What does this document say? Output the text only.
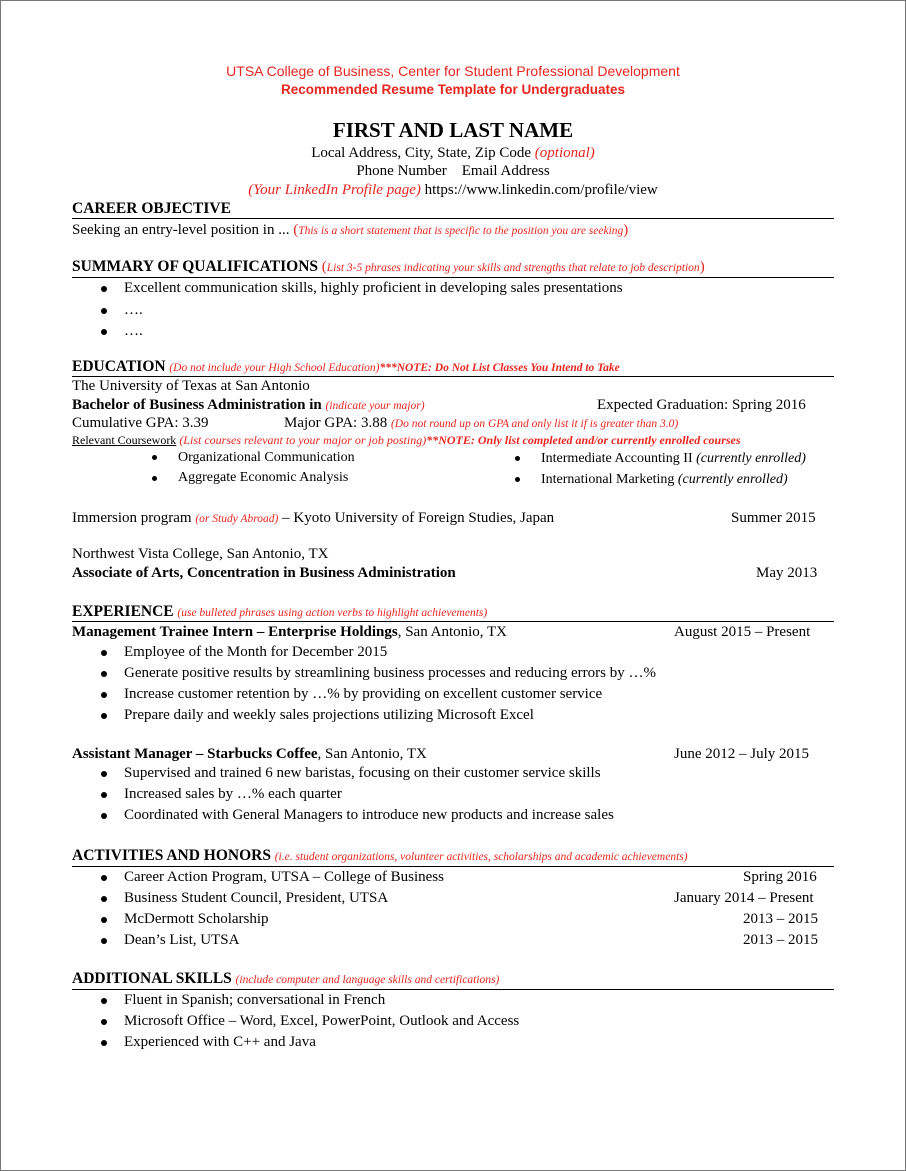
UTSA College of Business, Center for Student Professional Development
Recommended Resume Template for Undergraduates
FIRST AND LAST NAME
Local Address, City, State, Zip Code (optional)
Phone Number    Email Address
(Your LinkedIn Profile page) https://www.linkedin.com/profile/view
CAREER OBJECTIVE
Seeking an entry-level position in ... (This is a short statement that is specific to the position you are seeking)
SUMMARY OF QUALIFICATIONS (List 3-5 phrases indicating your skills and strengths that relate to job description)
Excellent communication skills, highly proficient in developing sales presentations
….
….
EDUCATION (Do not include your High School Education)***NOTE: Do Not List Classes You Intend to Take
The University of Texas at San Antonio
Bachelor of Business Administration in (indicate your major)	Expected Graduation: Spring 2016
Cumulative GPA: 3.39	Major GPA: 3.88 (Do not round up on GPA and only list it if is greater than 3.0)
Relevant Coursework (List courses relevant to your major or job posting)**NOTE: Only list completed and/or currently enrolled courses
Organizational Communication
Aggregate Economic Analysis
Intermediate Accounting II (currently enrolled)
International Marketing (currently enrolled)
Immersion program (or Study Abroad) – Kyoto University of Foreign Studies, Japan	Summer 2015
Northwest Vista College, San Antonio, TX
Associate of Arts, Concentration in Business Administration	May 2013
EXPERIENCE (use bulleted phrases using action verbs to highlight achievements)
Management Trainee Intern – Enterprise Holdings, San Antonio, TX	August 2015 – Present
Employee of the Month for December 2015
Generate positive results by streamlining business processes and reducing errors by …%
Increase customer retention by …% by providing on excellent customer service
Prepare daily and weekly sales projections utilizing Microsoft Excel
Assistant Manager – Starbucks Coffee, San Antonio, TX	June 2012 – July 2015
Supervised and trained 6 new baristas, focusing on their customer service skills
Increased sales by …% each quarter
Coordinated with General Managers to introduce new products and increase sales
ACTIVITIES AND HONORS (i.e. student organizations, volunteer activities, scholarships and academic achievements)
Career Action Program, UTSA – College of Business	Spring 2016
Business Student Council, President, UTSA	January 2014 – Present
McDermott Scholarship	2013 – 2015
Dean’s List, UTSA	2013 – 2015
ADDITIONAL SKILLS (include computer and language skills and certifications)
Fluent in Spanish; conversational in French
Microsoft Office – Word, Excel, PowerPoint, Outlook and Access
Experienced with C++ and Java
